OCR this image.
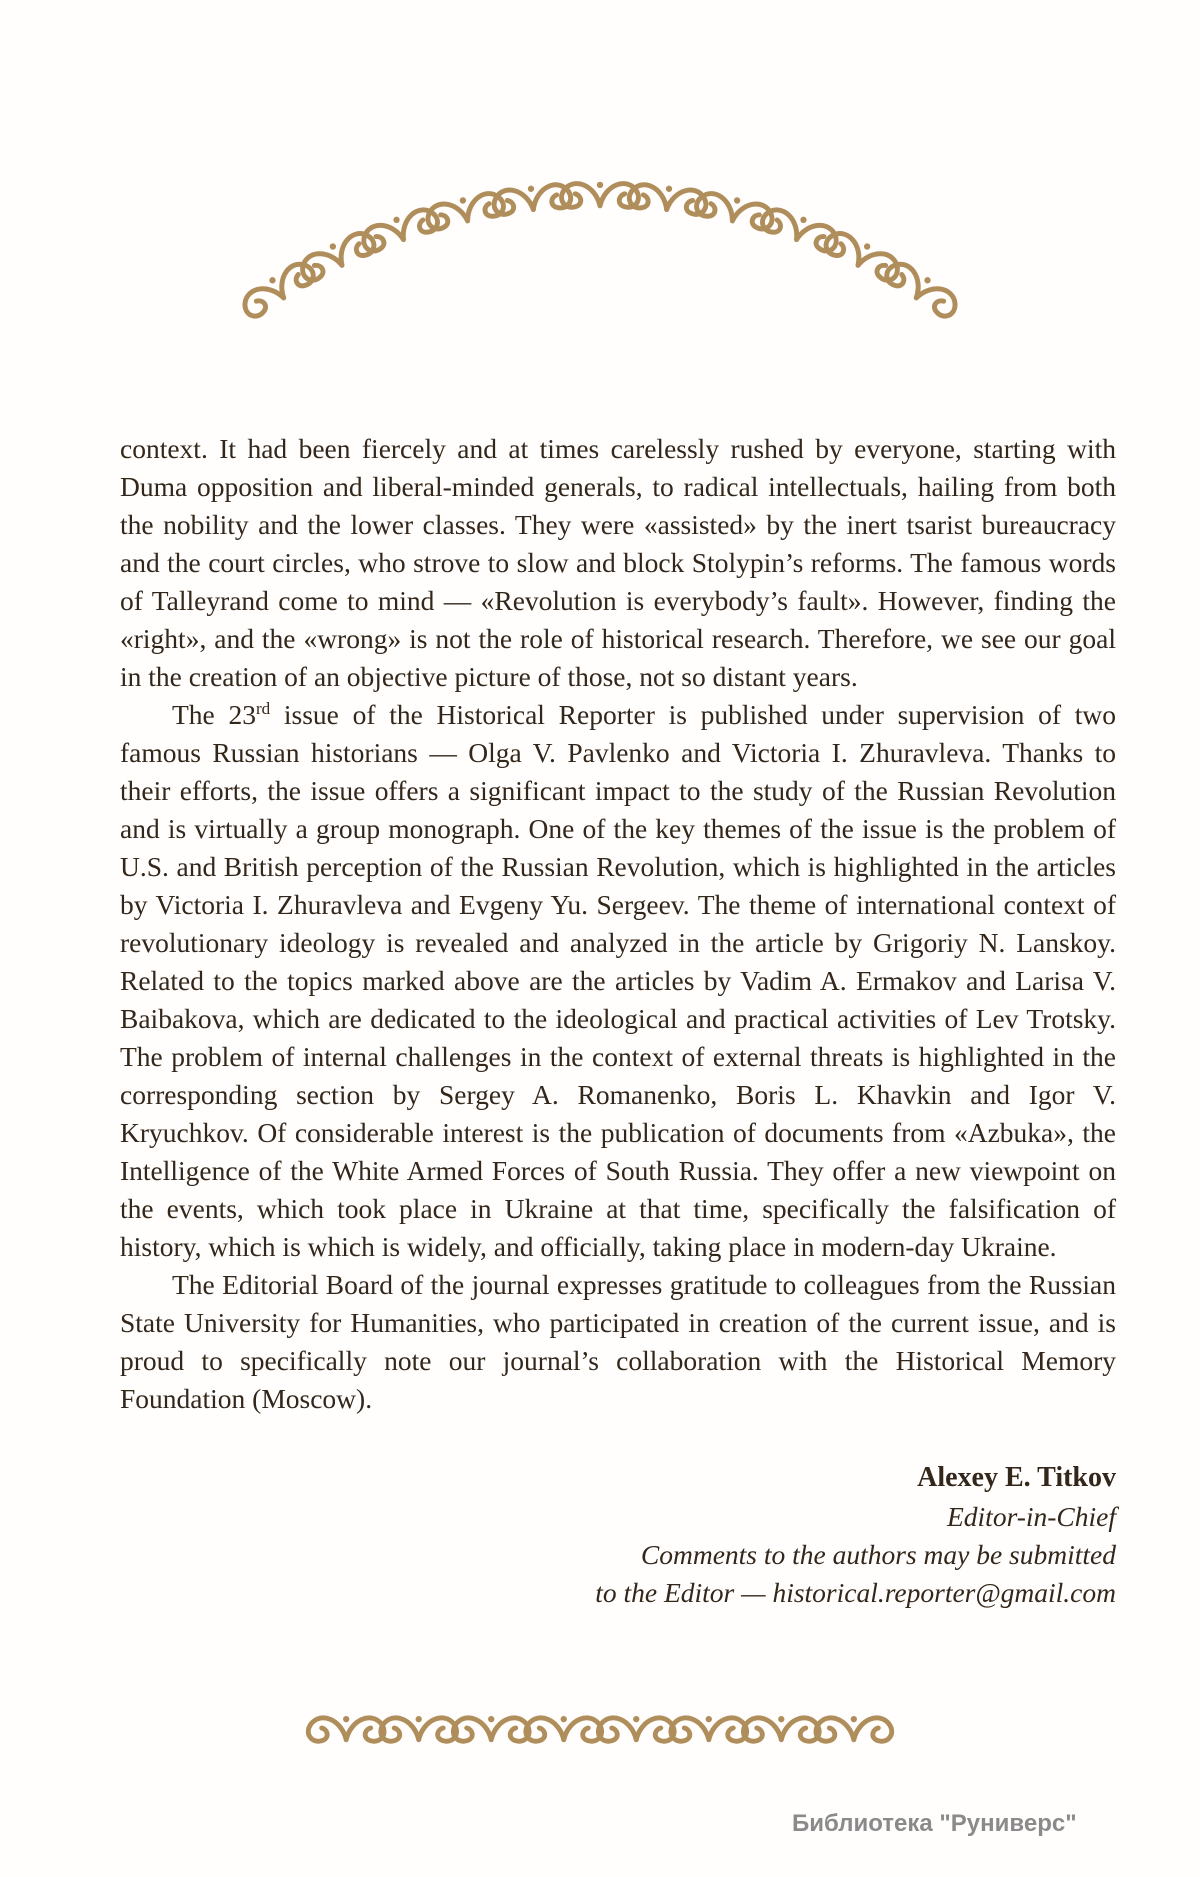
context. It had been fiercely and at times carelessly rushed by everyone, starting with Duma opposition and liberal-minded generals, to radical intellectuals, hailing from both the nobility and the lower classes. They were «assisted» by the inert tsarist bureaucracy and the court circles, who strove to slow and block Stolypin’s reforms. The famous words of Talleyrand come to mind — «Revolution is everybody’s fault». However, finding the «right», and the «wrong» is not the role of historical research. Therefore, we see our goal in the creation of an objective picture of those, not so distant years.

The 23rd issue of the Historical Reporter is published under supervision of two famous Russian historians — Olga V. Pavlenko and Victoria I. Zhuravleva. Thanks to their efforts, the issue offers a significant impact to the study of the Russian Revolution and is virtually a group monograph. One of the key themes of the issue is the problem of U.S. and British perception of the Russian Revolution, which is highlighted in the articles by Victoria I. Zhuravleva and Evgeny Yu. Sergeev. The theme of international context of revolutionary ideology is revealed and analyzed in the article by Grigoriy N. Lanskoy. Related to the topics marked above are the articles by Vadim A. Ermakov and Larisa V. Baibakova, which are dedicated to the ideological and practical activities of Lev Trotsky. The problem of internal challenges in the context of external threats is highlighted in the corresponding section by Sergey A. Romanenko, Boris L. Khavkin and Igor V. Kryuchkov. Of considerable interest is the publication of documents from «Azbuka», the Intelligence of the White Armed Forces of South Russia. They offer a new viewpoint on the events, which took place in Ukraine at that time, specifically the falsification of history, which is which is widely, and officially, taking place in modern-day Ukraine.

The Editorial Board of the journal expresses gratitude to colleagues from the Russian State University for Humanities, who participated in creation of the current issue, and is proud to specifically note our journal’s collaboration with the Historical Memory Foundation (Moscow).

Alexey E. Titkov
Editor-in-Chief
Comments to the authors may be submitted
to the Editor — historical.reporter@gmail.com
Библиотека "Руниверс"
